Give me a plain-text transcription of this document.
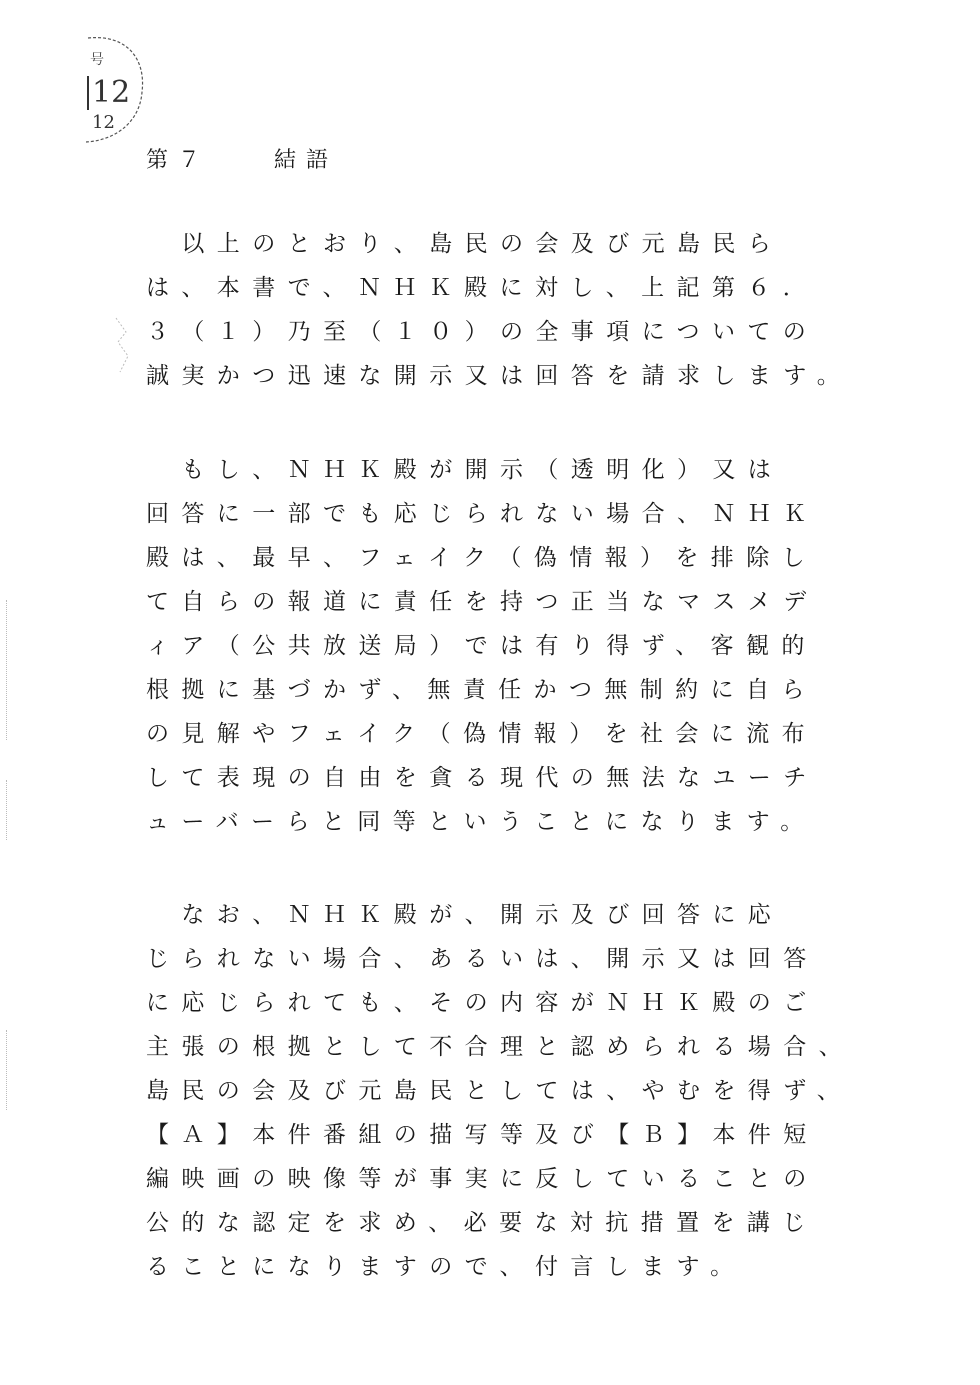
号
12
12
第７　　	結語
　以上のとおり、島民の会及び元島民ら
は、本書で、ＮＨＫ殿に対し、上記第６．
３（１）乃至（１０）の全事項についての
誠実かつ迅速な開示又は回答を請求します。
　もし、ＮＨＫ殿が開示（透明化）又は
回答に一部でも応じられない場合、ＮＨＫ
殿は、最早、フェイク（偽情報）を排除し
て自らの報道に責任を持つ正当なマスメデ
ィア（公共放送局）では有り得ず、客観的
根拠に基づかず、無責任かつ無制約に自ら
の見解やフェイク（偽情報）を社会に流布
して表現の自由を貪る現代の無法なユーチ
ューバーらと同等ということになります。
　なお、ＮＨＫ殿が、開示及び回答に応
じられない場合、あるいは、開示又は回答
に応じられても、その内容がＮＨＫ殿のご
主張の根拠として不合理と認められる場合、
島民の会及び元島民としては、やむを得ず、
【Ａ】本件番組の描写等及び【Ｂ】本件短
編映画の映像等が事実に反していることの
公的な認定を求め、必要な対抗措置を講じ
ることになりますので、付言します。
